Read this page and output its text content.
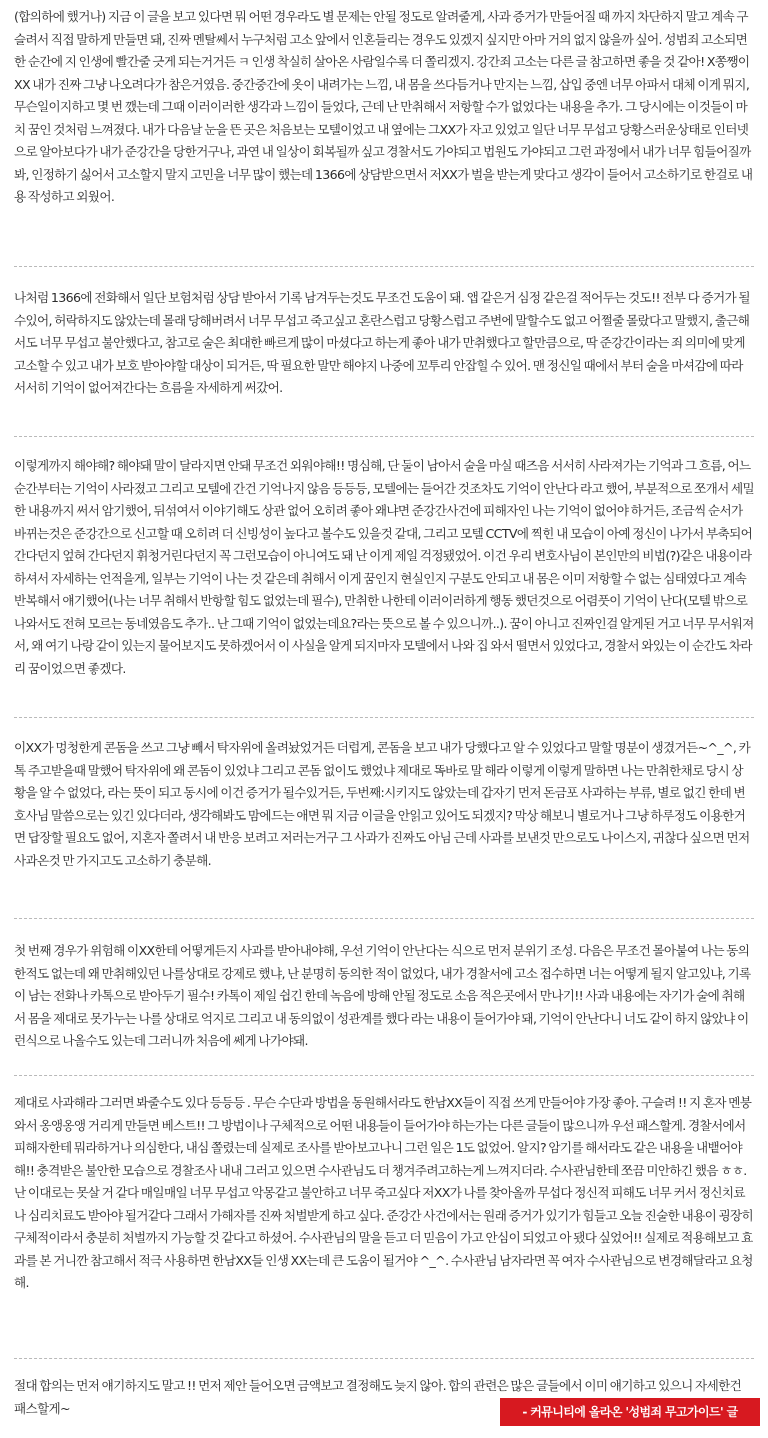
(합의하에 했거나) 지금 이 글을 보고 있다면 뭐 어떤 경우라도 별 문제는 안될 정도로 알려줄게, 사과 증거가 만들어질 때 까지 차단하지 말고 계속 구슬려서 직접 말하게 만들면 돼, 진짜 멘탈쎄서 누구처럼 고소 앞에서 인혼들리는 경우도 있겠지 싶지만 아마 거의 없지 않을까 싶어. 성범죄 고소되면 한 순간에 지 인생에 빨간줄 긋게 되는거거든 ㅋ 인생 착실히 살아온 사람일수록 더 쫄리겠지. 강간죄 고소는 다른 글 참고하면 좋을 것 같아! X쫑쨍이XX 내가 진짜 그냥 나오려다가 참은거였음. 중간중간에 옷이 내려가는 느낌, 내 몸을 쓰다듬거나 만지는 느낌, 삽입 중엔 너무 아파서 대체 이게 뭐지, 무슨일이지하고 몇 번 깼는데 그때 이러이러한 생각과 느낌이 들었다, 근데 난 만취해서 저항할 수가 없었다는 내용을 추가. 그 당시에는 이것들이 마치 꿈인 것처럼 느껴졌다. 내가 다음날 눈을 뜬 곳은 처음보는 모텔이었고 내 옆에는 그XX가 자고 있었고 일단 너무 무섭고 당황스러운상태로 인터넷으로 알아보다가 내가 준강간을 당한거구나, 과연 내 일상이 회복될까 싶고 경찰서도 가야되고 법원도 가야되고 그런 과정에서 내가 너무 힘들어질까봐, 인정하기 싫어서 고소할지 말지 고민을 너무 많이 했는데 1366에 상담받으면서 저XX가 벌을 받는게 맞다고 생각이 들어서 고소하기로 한걸로 내용 작성하고 외웠어.

나처럼 1366에 전화해서 일단 보험처럼 상담 받아서 기록 남겨두는것도 무조건 도움이 돼. 앱 같은거 심정 같은걸 적어두는 것도!! 전부 다 증거가 될수있어, 허락하지도 않았는데 몰래 당해버려서 너무 무섭고 죽고싶고 혼란스럽고 당황스럽고 주변에 말할수도 없고 어쩔줄 몰랐다고 말했지, 출근해서도 너무 무섭고 불안했다고, 참고로 술은 최대한 빠르게 많이 마셨다고 하는게 좋아 내가 만취했다고 할만큼으로, 딱 준강간이라는 죄 의미에 맞게 고소할 수 있고 내가 보호 받아야할 대상이 되거든, 딱 필요한 말만 해야지 나중에 꼬투리 안잡힐 수 있어. 맨 정신일 때에서 부터 술을 마셔감에 따라 서서히 기억이 없어져간다는 흐름을 자세하게 써갔어.

이렇게까지 해야해? 해야돼 말이 달라지면 안돼 무조건 외워야해!! 명심해, 단 둘이 남아서 술을 마실 때즈음 서서히 사라져가는 기억과 그 흐름, 어느순간부터는 기억이 사라졌고 그리고 모텔에 간건 기억나지 않음 등등등, 모텔에는 들어간 것조차도 기억이 안난다 라고 했어, 부분적으로 쪼개서 세밀한 내용까지 써서 암기했어, 뒤섞여서 이야기해도 상관 없어 오히려 좋아 왜냐면 준강간사건에 피해자인 나는 기억이 없어야 하거든, 조금씩 순서가 바뀌는것은 준강간으로 신고할 때 오히려 더 신빙성이 높다고 볼수도 있을것 같대, 그리고 모텔 CCTV에 찍힌 내 모습이 아예 정신이 나가서 부축되어 간다던지 엎혀 간다던지 휘청거린다던지 꼭 그런모습이 아니여도 돼 난 이게 제일 걱정됐었어. 이건 우리 변호사님이 본인만의 비법(?)같은 내용이라 하셔서 자세하는 언적을게, 일부는 기억이 나는 것 같은데 취해서 이게 꿈인지 현실인지 구분도 안되고 내 몸은 이미 저항할 수 없는 심태였다고 계속 반복해서 얘기했어(나는 너무 취해서 반항할 힘도 없었는데 필수), 만취한 나한테 이러이러하게 행동 했던것으로 어렴풋이 기억이 난다(모텔 밖으로 나와서도 전혀 모르는 동네였음도 추가.. 난 그때 기억이 없었는데요?라는 뜻으로 볼 수 있으니까..). 꿈이 아니고 진짜인걸 알게된 거고 너무 무서워져서, 왜 여기 나랑 같이 있는지 물어보지도 못하겠어서 이 사실을 알게 되지마자 모텔에서 나와 집 와서 떨면서 있었다고, 경찰서 와있는 이 순간도 차라리 꿈이었으면 좋겠다.

이XX가 멍청한게 콘돔을 쓰고 그냥 빼서 탁자위에 올려놨었거든 더럽게, 콘돔을 보고 내가 당했다고 알 수 있었다고 말할 명분이 생겼거든~^_^, 카톡 주고받을때 말했어 탁자위에 왜 콘돔이 있었냐 그리고 콘돔 없이도 했었냐 제대로 똑바로 말 해라 이렇게 이렇게 말하면 나는 만취한채로 당시 상황을 알 수 없었다, 라는 뜻이 되고 동시에 이건 증거가 될수있거든, 두번째:시키지도 않았는데 갑자기 먼저 돈금포 사과하는 부류, 별로 없긴 한데 변호사님 말씀으로는 있긴 있다더라, 생각해봐도 맘에드는 애면 뭐 지금 이글을 안읽고 있어도 되겠지? 막상 해보니 별로거나 그냥 하루정도 이용한거면 답장할 필요도 없어, 지혼자 쫄려서 내 반응 보려고 저러는거구 그 사과가 진짜도 아님 근데 사과를 보낸것 만으로도 나이스지, 귀찮다 싶으면 먼저 사과온것 만 가지고도 고소하기 충분해.

첫 번째 경우가 위험해 이XX한테 어떻게든지 사과를 받아내야해, 우선 기억이 안난다는 식으로 먼저 분위기 조성. 다음은 무조건 몰아붙여 나는 동의한적도 없는데 왜 만취해있던 나를상대로 강제로 했냐, 난 분명히 동의한 적이 없었다, 내가 경찰서에 고소 접수하면 너는 어떻게 될지 알고있냐, 기록이 남는 전화나 카톡으로 받아두기 필수! 카톡이 제일 쉽긴 한데 녹음에 방해 안될 정도로 소음 적은곳에서 만나기!! 사과 내용에는 자기가 술에 취해서 몸을 제대로 못가누는 나를 상대로 억지로 그리고 내 동의없이 성관계를 했다 라는 내용이 들어가야 돼, 기억이 안난다니 너도 같이 하지 않았냐 이런식으로 나올수도 있는데 그러니까 처음에 쎄게 나가야돼.

제대로 사과해라 그러면 봐줄수도 있다 등등등 . 무슨 수단과 방법을 동원해서라도 한남XX들이 직접 쓰게 만들어야 가장 좋아. 구슬려 !! 지 혼자 멘붕와서 옹앵옹앵 거리게 만들면 베스트!! 그 방법이나 구체적으로 어떤 내용들이 들어가야 하는가는 다른 글들이 많으니까 우선 패스할게. 경찰서에서 피해자한테 뭐라하거나 의심한다, 내심 쫄렸는데 실제로 조사를 받아보고나니 그런 일은 1도 없었어. 알지? 암기를 해서라도 같은 내용을 내뱉어야해!! 충격받은 불안한 모습으로 경찰조사 내내 그러고 있으면 수사관님도 더 챙겨주려고하는게 느껴지더라. 수사관님한테 쪼끔 미안하긴 했음 ㅎㅎ. 난 이대로는 못살 거 같다 매일매일 너무 무섭고 악몽같고 불안하고 너무 죽고싶다 저XX가 나를 찾아올까 무섭다 정신적 피해도 너무 커서 정신치료나 심리치료도 받아야 될거같다 그래서 가해자를 진짜 처벌받게 하고 싶다. 준강간 사건에서는 원래 증거가 있기가 힘들고 오늘 진술한 내용이 굉장히 구체적이라서 충분히 처벌까지 가능할 것 같다고 하셨어. 수사관님의 말을 듣고 더 믿음이 가고 안심이 되었고 아 됐다 싶었어!! 실제로 적용해보고 효과를 본 거니깐 참고해서 적극 사용하면 한남XX들 인생 XX는데 큰 도움이 될거야 ^_^. 수사관님 남자라면 꼭 여자 수사관님으로 변경해달라고 요청해.

절대 합의는 먼저 얘기하지도 말고 !! 먼저 제안 들어오면 금액보고 결정해도 늦지 않아. 합의 관련은 많은 글들에서 이미 얘기하고 있으니 자세한건 패스할게~	- 커뮤니티에 올라온 '성범죄 무고가이드' 글
